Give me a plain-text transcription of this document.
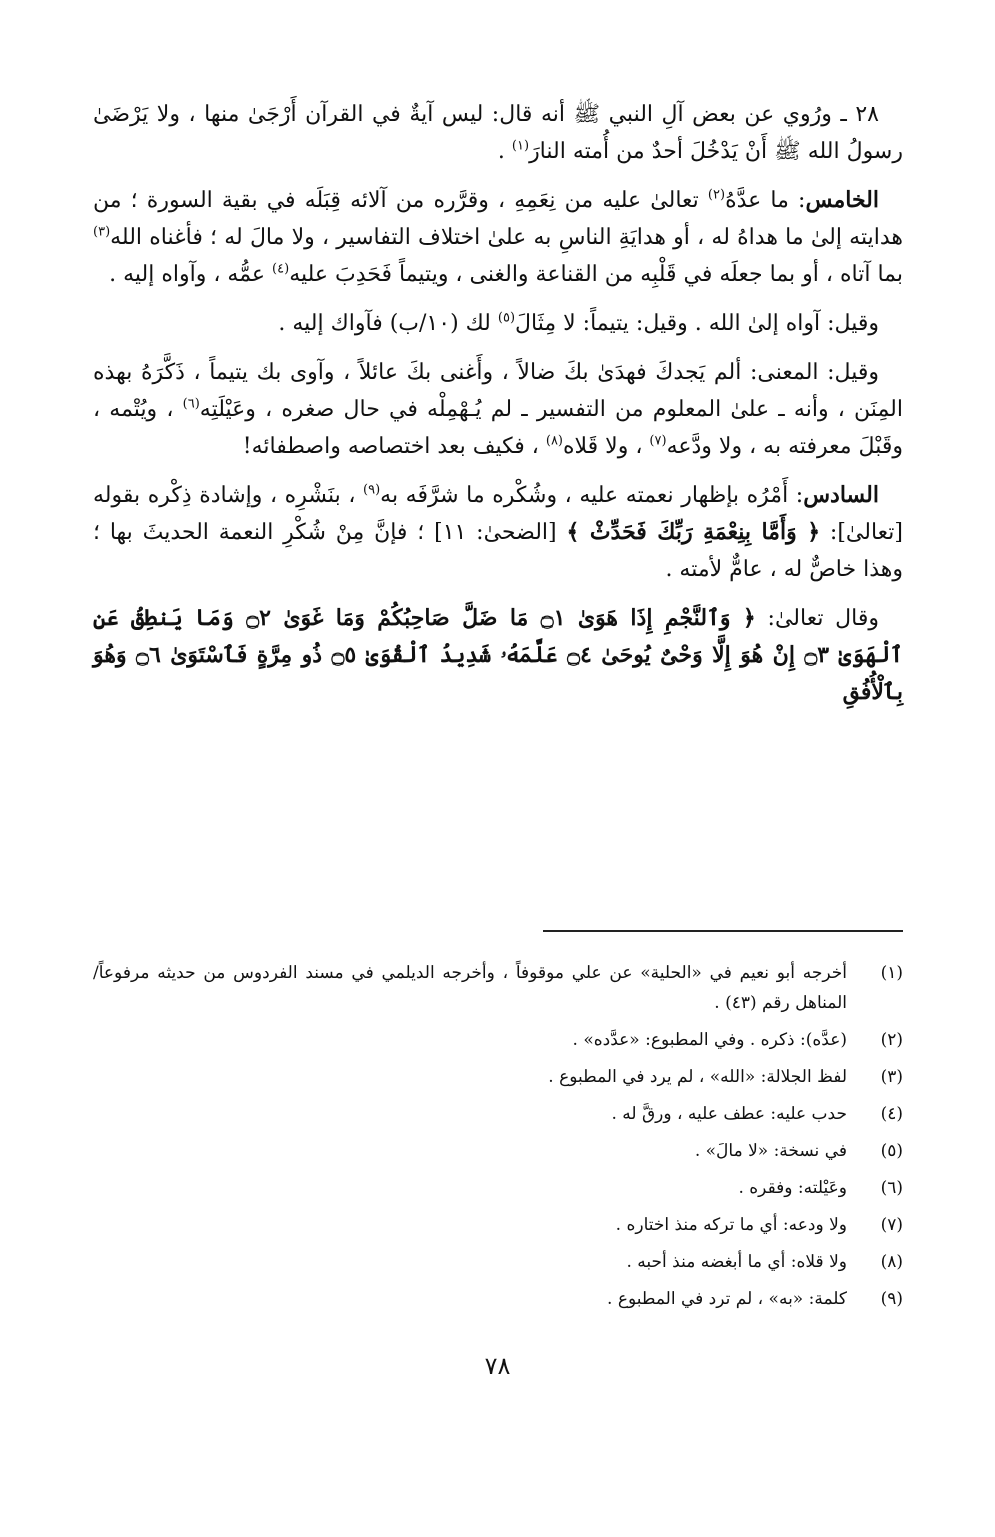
٢٨ ـ ورُوي عن بعض آلِ النبي ﷺ أنه قال: ليس آيةٌ في القرآن أَرْجَىٰ منها ، ولا يَرْضَىٰ رسولُ الله ﷺ أَنْ يَدْخُلَ أحدٌ من أُمته النارَ$^{(١)}$ .

الخامس: ما عدَّهُ$^{(٢)}$ تعالىٰ عليه من نِعَمِهِ ، وقرَّره من آلائه قِبَلَه في بقية السورة ؛ من هدايته إلىٰ ما هداهُ له ، أو هدايَةِ الناسِ به علىٰ اختلاف التفاسير ، ولا مالَ له ؛ فأغناه الله$^{(٣)}$ بما آتاه ، أو بما جعلَه في قَلْبِه من القناعة والغنى ، ويتيماً فَحَدِبَ عليه$^{(٤)}$ عمُّه ، وآواه إليه .

وقيل: آواه إلىٰ الله . وقيل: يتيماً: لا مِثَالَ$^{(٥)}$ لك (١٠/ب) فآواك إليه .

وقيل: المعنى: ألم يَجدكَ فهدَىٰ بكَ ضالاً ، وأَغنى بكَ عائلاً ، وآوى بك يتيماً ، ذَكَّرَهُ بهذه المِنَن ، وأنه ـ علىٰ المعلوم من التفسير ـ لم يُـهْمِلْه في حال صغره ، وعَيْلَتِه$^{(٦)}$ ، ويُتْمه ، وقَبْلَ معرفته به ، ولا ودَّعه$^{(٧)}$ ، ولا قَلاه$^{(٨)}$ ، فكيف بعد اختصاصه واصطفائه!

السادس: أَمْرُه بإظهار نعمته عليه ، وشُكْره ما شرَّفَه به$^{(٩)}$ ، بنَشْرِه ، وإشادة ذِكْره بقوله [تعالىٰ]: ﴿ وَأَمَّا بِنِعْمَةِ رَبِّكَ فَحَدِّثْ ﴾ [الضحىٰ: ١١] ؛ فإنَّ مِنْ شُكْرِ النعمة الحديثَ بها ؛ وهذا خاصٌّ له ، عامٌّ لأمته .

وقال تعالىٰ: ﴿ وَٱلنَّجْمِ إِذَا هَوَىٰ ۝١ مَا ضَلَّ صَاحِبُكُمْ وَمَا غَوَىٰ ۝٢ وَمَا يَنطِقُ عَنِ ٱلْهَوَىٰ ۝٣ إِنْ هُوَ إِلَّا وَحْىٌ يُوحَىٰ ۝٤ عَلَّمَهُۥ شَدِيدُ ٱلْقُوَىٰ ۝٥ ذُو مِرَّةٍ فَٱسْتَوَىٰ ۝٦ وَهُوَ بِٱلْأُفُقِ

(١)
أخرجه أبو نعيم في «الحلية» عن علي موقوفاً ، وأخرجه الديلمي في مسند الفردوس من حديثه مرفوعاً/ المناهل رقم (٤٣) .
(٢)
(عدَّه): ذكره . وفي المطبوع: «عدَّده» .
(٣)
لفظ الجلالة: «الله» ، لم يرد في المطبوع .
(٤)
حدب عليه: عطف عليه ، ورقَّ له .
(٥)
في نسخة: «لا مالَ» .
(٦)
وعَيْلته: وفقره .
(٧)
ولا ودعه: أي ما تركه منذ اختاره .
(٨)
ولا قلاه: أي ما أبغضه منذ أحبه .
(٩)
كلمة: «به» ، لم ترد في المطبوع .
٧٨
